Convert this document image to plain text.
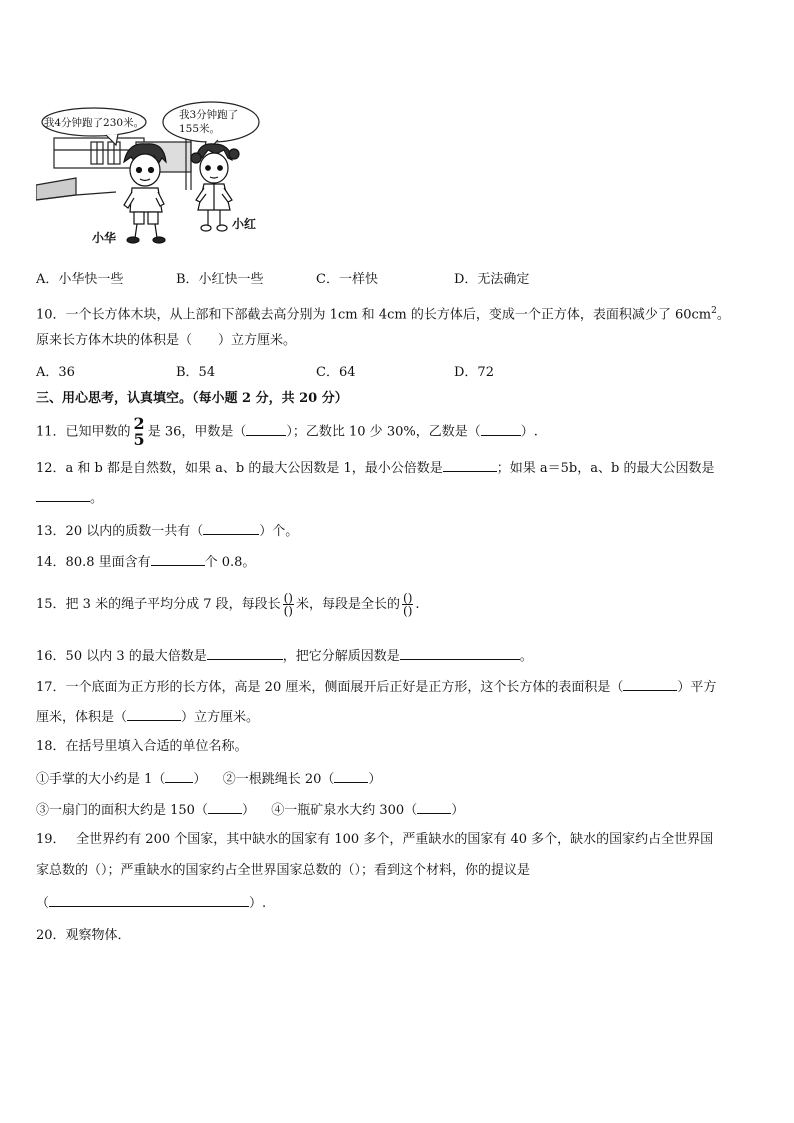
我4分钟跑了230米。
我3分钟跑了
155米。
小华
小红
A．小华快一些	B．小红快一些	C．一样快	D．无法确定
10．一个长方体木块，从上部和下部截去高分别为 1cm 和 4cm 的长方体后，变成一个正方体，表面积减少了 $60cm^2$。
原来长方体木块的体积是（　　）立方厘米。
A．36	B．54	C．64	D．72
三、用心思考，认真填空。（每小题 2 分，共 20 分）
11．已知甲数的 2
5 是 36，甲数是（	）；乙数比 10 少 30%，乙数是（	）.
12．a 和 b 都是自然数，如果 a、b 的最大公因数是 1，最小公倍数是	；如果 a＝5b，a、b 的最大公因数是
。
13．20 以内的质数一共有（	）个。
14．80.8 里面含有	个 0.8。
15．把 3 米的绳子平均分成 7 段，每段长 $\frac{()}{()}$ 米，每段是全长的 $\frac{()}{()}$ .
16．50 以内 3 的最大倍数是	，把它分解质因数是	。
17．一个底面为正方形的长方体，高是 20 厘米，侧面展开后正好是正方形，这个长方体的表面积是（	）平方
厘米，体积是（	）立方厘米。
18．在括号里填入合适的单位名称。
①手掌的大小约是 1（ ） ②一根跳绳长 20（	）
③一扇门的面积大约是 150（	） ④一瓶矿泉水大约 300（	）
19．　 全世界约有 200 个国家，其中缺水的国家有 100 多个，严重缺水的国家有 40 多个，缺水的国家约占全世界国
家总数的（）；严重缺水的国家约占全世界国家总数的（）；看到这个材料，你的提议是
（	）.
20．观察物体．
